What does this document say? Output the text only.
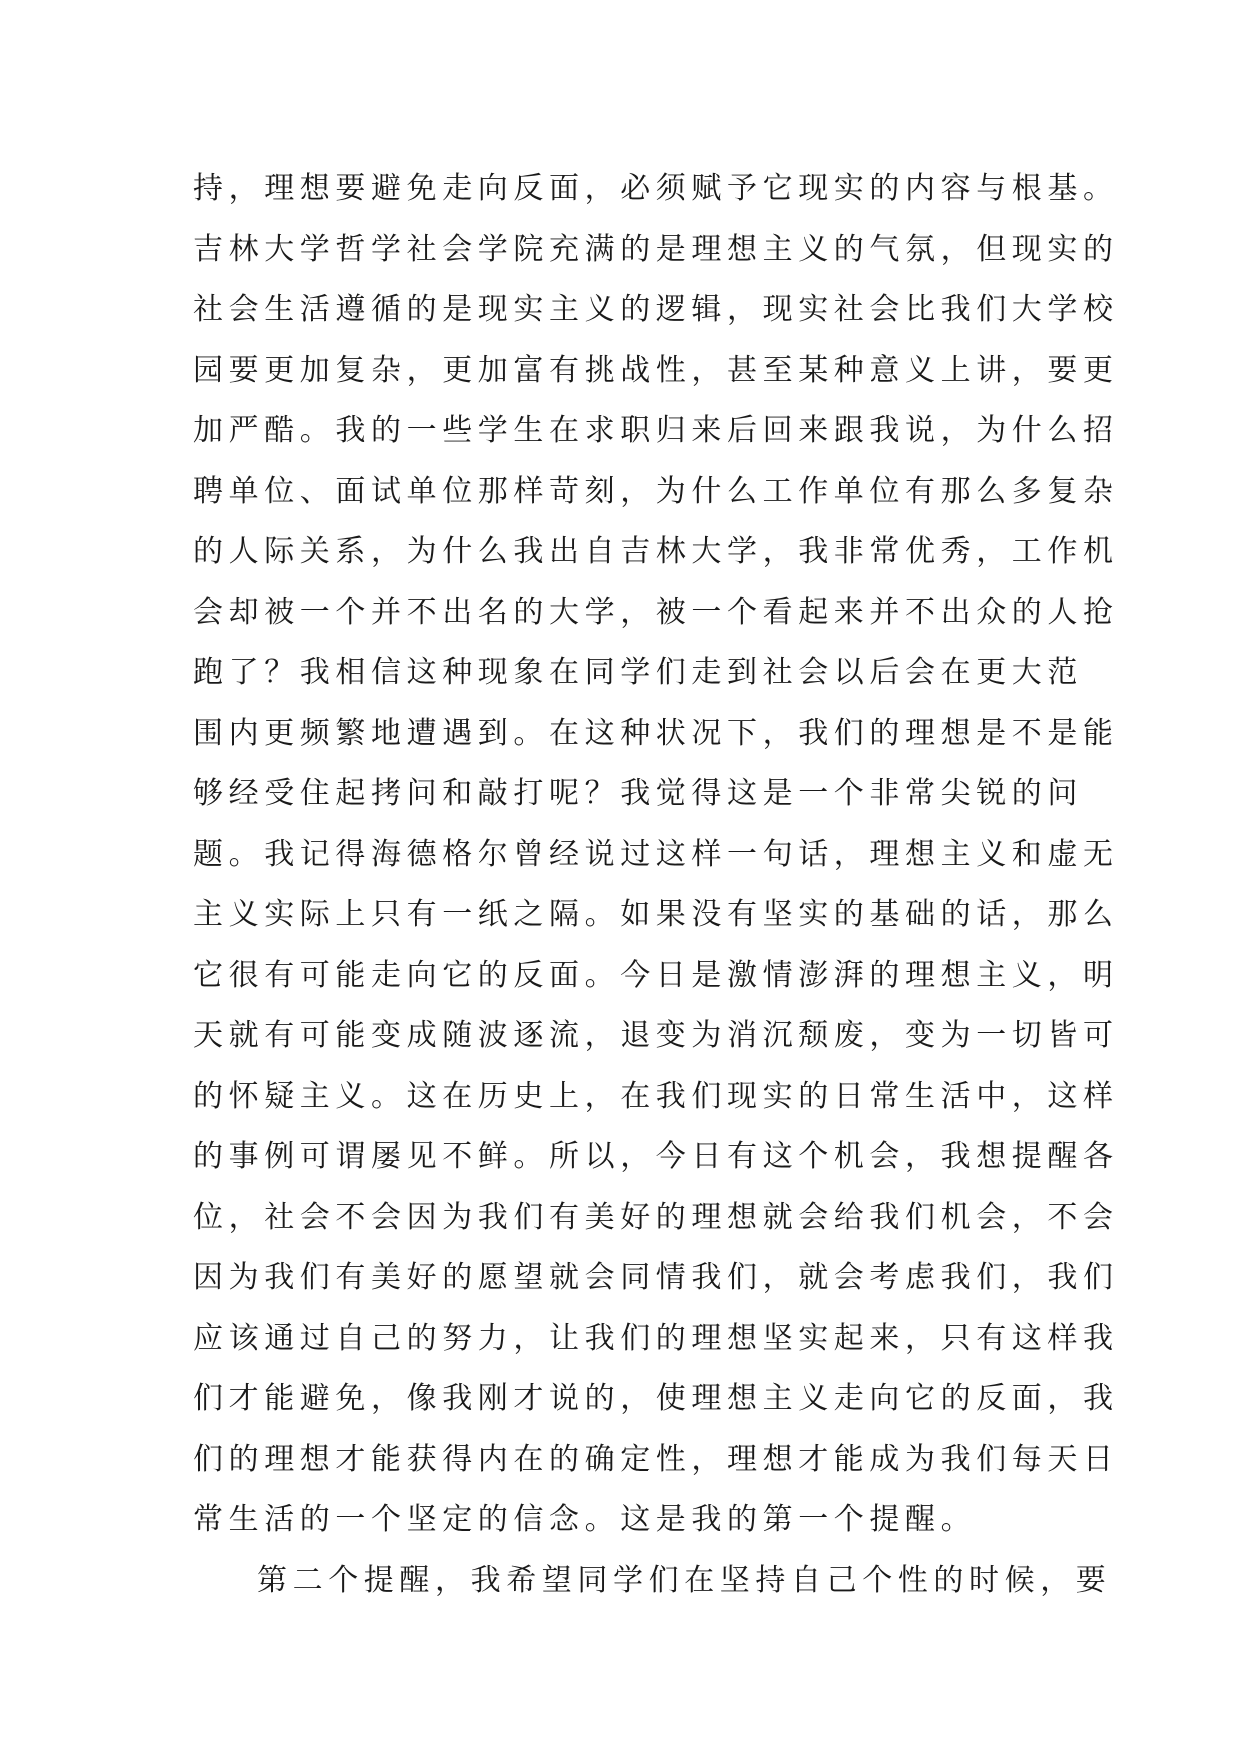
持，理想要避免走向反面，必须赋予它现实的内容与根基。
吉林大学哲学社会学院充满的是理想主义的气氛，但现实的
社会生活遵循的是现实主义的逻辑，现实社会比我们大学校
园要更加复杂，更加富有挑战性，甚至某种意义上讲，要更
加严酷。我的一些学生在求职归来后回来跟我说，为什么招
聘单位、面试单位那样苛刻，为什么工作单位有那么多复杂
的人际关系，为什么我出自吉林大学，我非常优秀，工作机
会却被一个并不出名的大学，被一个看起来并不出众的人抢
跑了？我相信这种现象在同学们走到社会以后会在更大范
围内更频繁地遭遇到。在这种状况下，我们的理想是不是能
够经受住起拷问和敲打呢？我觉得这是一个非常尖锐的问
题。我记得海德格尔曾经说过这样一句话，理想主义和虚无
主义实际上只有一纸之隔。如果没有坚实的基础的话，那么
它很有可能走向它的反面。今日是激情澎湃的理想主义，明
天就有可能变成随波逐流，退变为消沉颓废，变为一切皆可
的怀疑主义。这在历史上，在我们现实的日常生活中，这样
的事例可谓屡见不鲜。所以，今日有这个机会，我想提醒各
位，社会不会因为我们有美好的理想就会给我们机会，不会
因为我们有美好的愿望就会同情我们，就会考虑我们，我们
应该通过自己的努力，让我们的理想坚实起来，只有这样我
们才能避免，像我刚才说的，使理想主义走向它的反面，我
们的理想才能获得内在的确定性，理想才能成为我们每天日
常生活的一个坚定的信念。这是我的第一个提醒。
第二个提醒，我希望同学们在坚持自己个性的时候，要
